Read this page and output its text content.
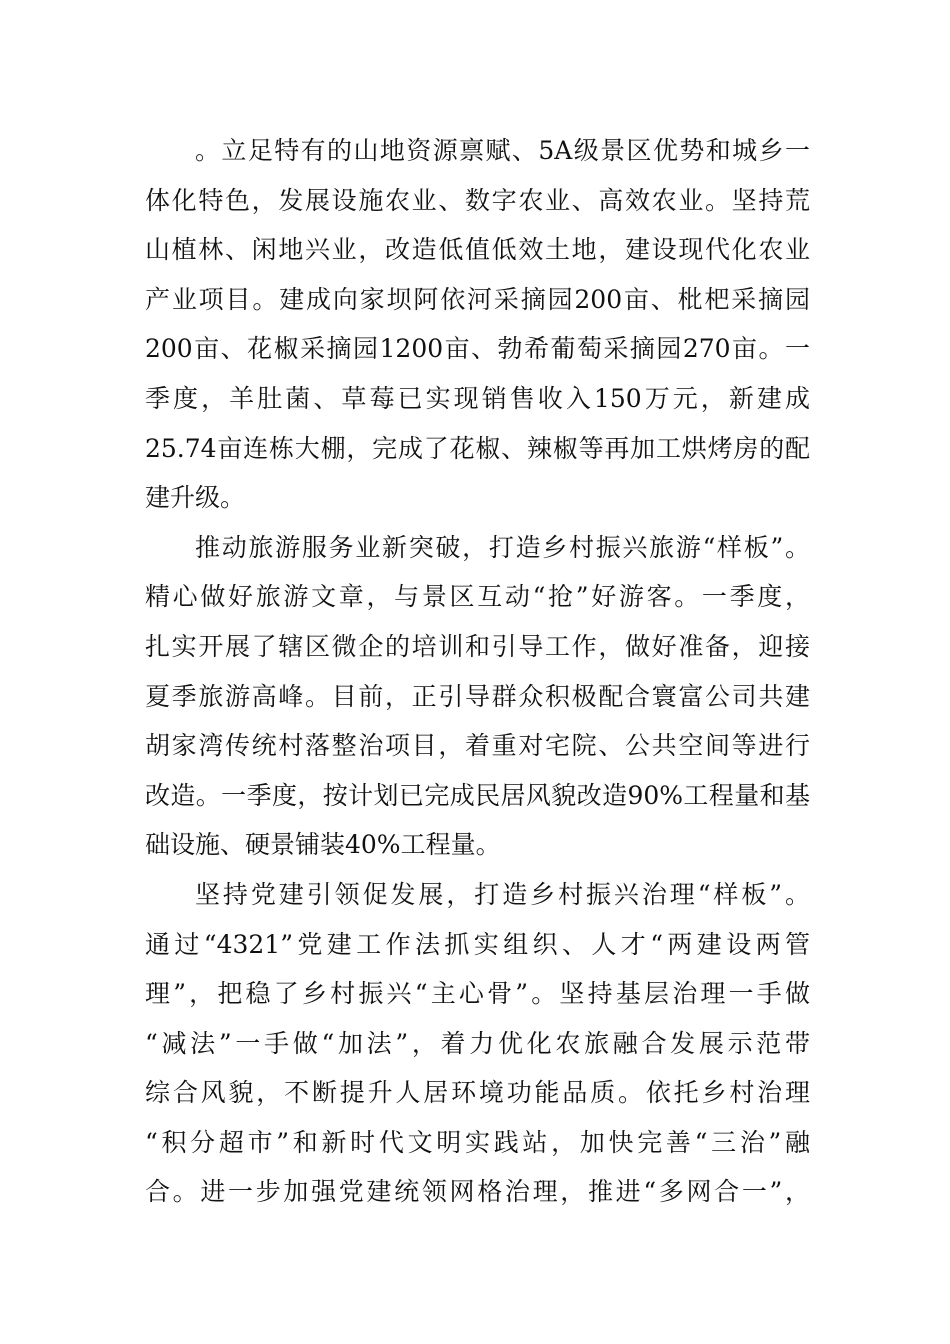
。立足特有的山地资源禀赋、5A级景区优势和城乡一
体化特色，发展设施农业、数字农业、高效农业。坚持荒
山植林、闲地兴业，改造低值低效土地，建设现代化农业
产业项目。建成向家坝阿依河采摘园200亩、枇杷采摘园
200亩、花椒采摘园1200亩、勃希葡萄采摘园270亩。一
季度，羊肚菌、草莓已实现销售收入150万元，新建成
25.74亩连栋大棚，完成了花椒、辣椒等再加工烘烤房的配
建升级。
推动旅游服务业新突破，打造乡村振兴旅游“样板”。
精心做好旅游文章，与景区互动“抢”好游客。一季度，
扎实开展了辖区微企的培训和引导工作，做好准备，迎接
夏季旅游高峰。目前，正引导群众积极配合寰富公司共建
胡家湾传统村落整治项目，着重对宅院、公共空间等进行
改造。一季度，按计划已完成民居风貌改造90%工程量和基
础设施、硬景铺装40%工程量。
坚持党建引领促发展，打造乡村振兴治理“样板”。
通过“4321”党建工作法抓实组织、人才“两建设两管
理”，把稳了乡村振兴“主心骨”。坚持基层治理一手做
“减法”一手做“加法”，着力优化农旅融合发展示范带
综合风貌，不断提升人居环境功能品质。依托乡村治理
“积分超市”和新时代文明实践站，加快完善“三治”融
合。进一步加强党建统领网格治理，推进“多网合一”，
